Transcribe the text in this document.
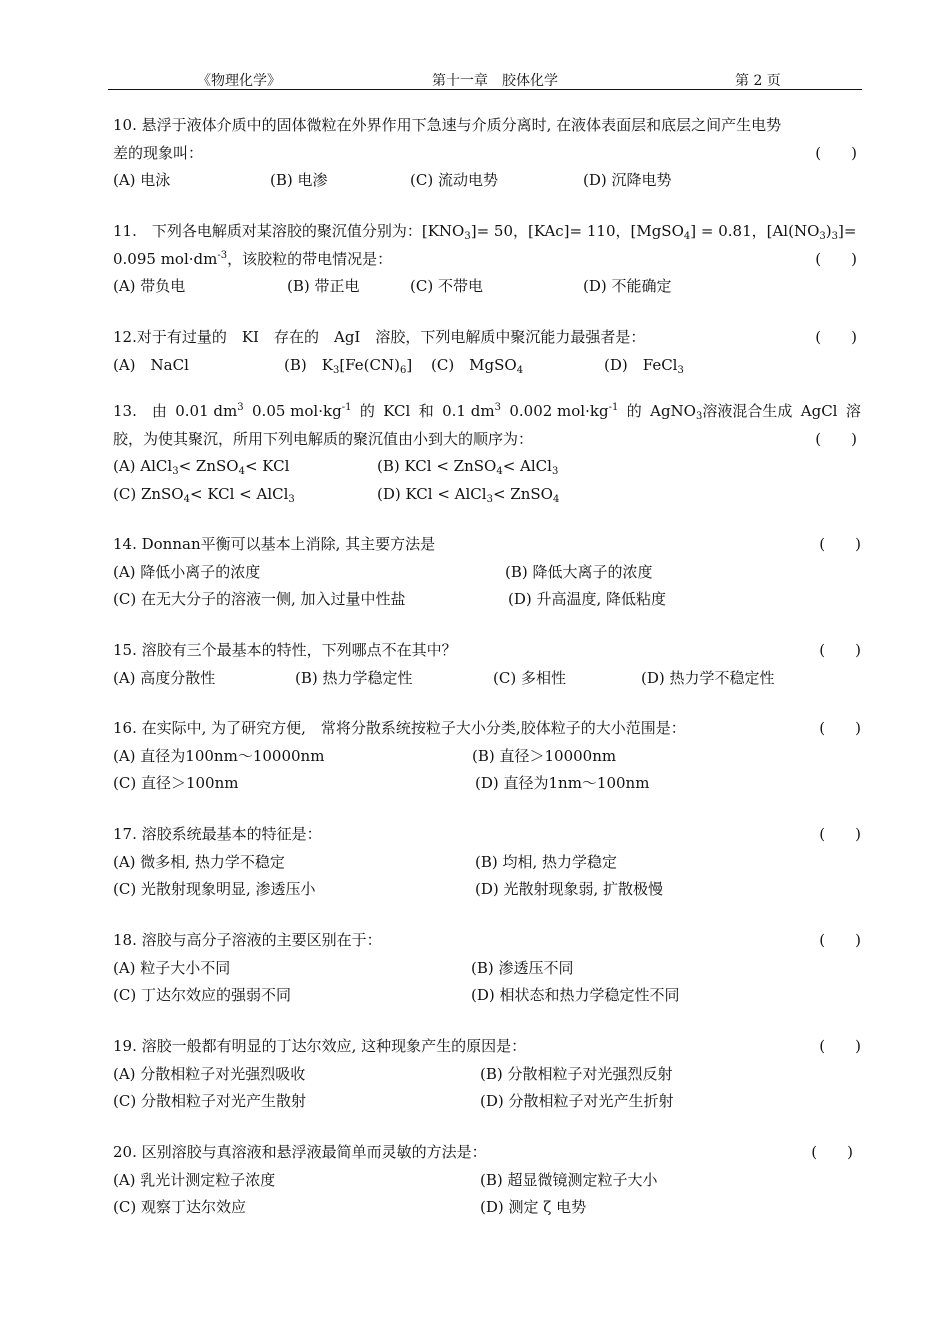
《物理化学》	第十一章　胶体化学	第 2 页
10. 悬浮于液体介质中的固体微粒在外界作用下急速与介质分离时, 在液体表面层和底层之间产生电势
差的现象叫：	(　　)
(A) 电泳	(B) 电渗	(C) 流动电势	(D) 沉降电势
11.　下列各电解质对某溶胶的聚沉值分别为：$[KNO_3]= 50$，[KAc]= 110，[MgSO$_4$] = 0.81，$[Al(NO_3)_3]=$
0.095 $mol\cdot dm^{-3}$，该胶粒的带电情况是：	(　　)
(A) 带负电	(B) 带正电	(C) 不带电	(D) 不能确定
12.对于有过量的　KI　存在的　AgI　溶胶，下列电解质中聚沉能力最强者是：	(　　)
(A)　NaCl	(B)　$K_3[Fe(CN)_6]$ (C)　MgSO$_4$	(D)　FeCl$_3$
13.　由 0.01 $dm^3$ 0.05 $mol\cdot kg^{-1}$ 的 KCl 和 0.1 $dm^3$ 0.002 $mol\cdot kg^{-1}$ 的 AgNO$_3$溶液混合生成 AgCl 溶
胶，为使其聚沉，所用下列电解质的聚沉值由小到大的顺序为：	(　　)
(A) AlCl$_3$< ZnSO$_4$< KCl	(B) KCl < ZnSO$_4$< AlCl$_3$
(C) ZnSO$_4$< KCl < AlCl$_3$	(D) KCl < AlCl$_3$< ZnSO$_4$
14. Donnan平衡可以基本上消除, 其主要方法是	(　　)
(A) 降低小离子的浓度	(B) 降低大离子的浓度
(C) 在无大分子的溶液一侧, 加入过量中性盐	(D) 升高温度, 降低粘度
15. 溶胶有三个最基本的特性，下列哪点不在其中？	(　　)
(A) 高度分散性	(B) 热力学稳定性	(C) 多相性	(D) 热力学不稳定性
16. 在实际中, 为了研究方便,　常将分散系统按粒子大小分类,胶体粒子的大小范围是：	(　　)
(A) 直径为100nm～10000nm	(B) 直径＞10000nm
(C) 直径＞100nm	(D) 直径为1nm～100nm
17. 溶胶系统最基本的特征是：	(　　)
(A) 微多相, 热力学不稳定	(B) 均相, 热力学稳定
(C) 光散射现象明显, 渗透压小	(D) 光散射现象弱, 扩散极慢
18. 溶胶与高分子溶液的主要区别在于：	(　　)
(A) 粒子大小不同	(B) 渗透压不同
(C) 丁达尔效应的强弱不同	(D) 相状态和热力学稳定性不同
19. 溶胶一般都有明显的丁达尔效应, 这种现象产生的原因是：	(　　)
(A) 分散相粒子对光强烈吸收	(B) 分散相粒子对光强烈反射
(C) 分散相粒子对光产生散射	(D) 分散相粒子对光产生折射
20. 区别溶胶与真溶液和悬浮液最简单而灵敏的方法是：	(　　)
(A) 乳光计测定粒子浓度	(B) 超显微镜测定粒子大小
(C) 观察丁达尔效应	(D) 测定 ζ 电势
